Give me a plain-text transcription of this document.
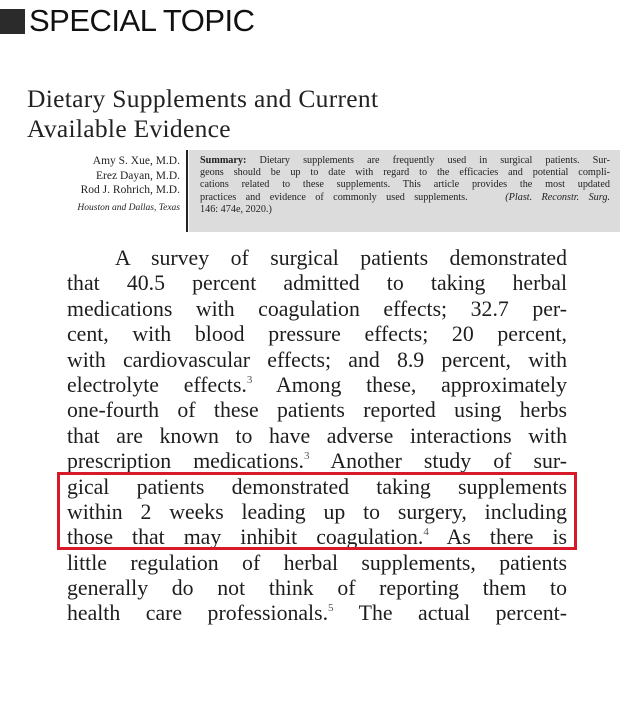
SPECIAL TOPIC
Dietary Supplements and Current
Available Evidence
Amy S. Xue, M.D.
Erez Dayan, M.D.
Rod J. Rohrich, M.D.
Houston and Dallas, Texas
Summary: Dietary supplements are frequently used in surgical patients. Sur-
geons should be up to date with regard to the efficacies and potential compli-
cations related to these supplements. This article provides the most updated
practices and evidence of commonly used supplements.	(Plast. Reconstr. Surg.
146: 474e, 2020.)
A survey of surgical patients demonstrated
that 40.5 percent admitted to taking herbal
medications with coagulation effects; 32.7 per-
cent, with blood pressure effects; 20 percent,
with cardiovascular effects; and 8.9 percent, with
electrolyte effects.$^3$ Among these, approximately
one-fourth of these patients reported using herbs
that are known to have adverse interactions with
prescription medications.$^3$ Another study of sur-
gical patients demonstrated taking supplements
within 2 weeks leading up to surgery, including
those that may inhibit coagulation.$^4$ As there is
little regulation of herbal supplements, patients
generally do not think of reporting them to
health care professionals.$^5$ The actual percent-
